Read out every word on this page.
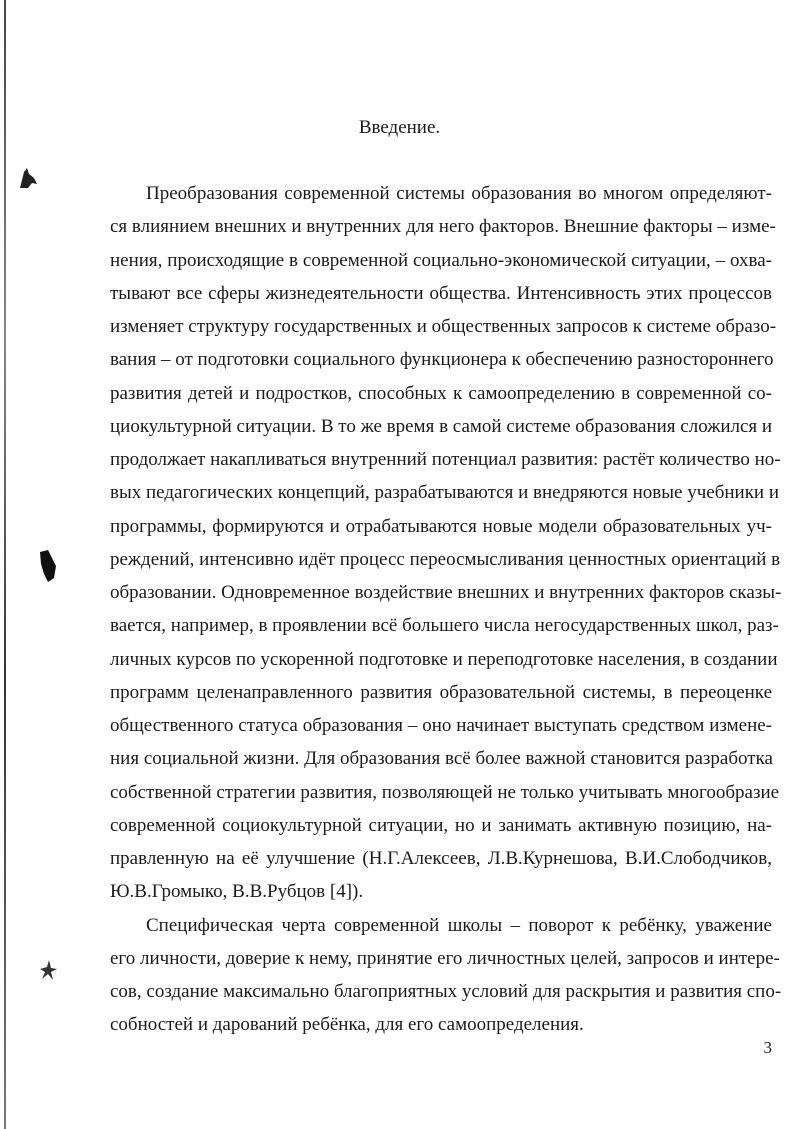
Введение.

Преобразования современной системы образования во многом определяют-
ся влиянием внешних и внутренних для него факторов. Внешние факторы – изме-
нения, происходящие в современной социально-экономической ситуации, – охва-
тывают все сферы жизнедеятельности общества. Интенсивность этих процессов
изменяет структуру государственных и общественных запросов к системе образо-
вания – от подготовки социального функционера к обеспечению разностороннего
развития детей и подростков, способных к самоопределению в современной со-
циокультурной ситуации. В то же время в самой системе образования сложился и
продолжает накапливаться внутренний потенциал развития: растёт количество но-
вых педагогических концепций, разрабатываются и внедряются новые учебники и
программы, формируются и отрабатываются новые модели образовательных уч-
реждений, интенсивно идёт процесс переосмысливания ценностных ориентаций в
образовании. Одновременное воздействие внешних и внутренних факторов сказы-
вается, например, в проявлении всё большего числа негосударственных школ, раз-
личных курсов по ускоренной подготовке и переподготовке населения, в создании
программ целенаправленного развития образовательной системы, в переоценке
общественного статуса образования – оно начинает выступать средством измене-
ния социальной жизни. Для образования всё более важной становится разработка
собственной стратегии развития, позволяющей не только учитывать многообразие
современной социокультурной ситуации, но и занимать активную позицию, на-
правленную на её улучшение (Н.Г.Алексеев, Л.В.Курнешова, В.И.Слободчиков,
Ю.В.Громыко, В.В.Рубцов [4]).

Специфическая черта современной школы – поворот к ребёнку, уважение
его личности, доверие к нему, принятие его личностных целей, запросов и интере-
сов, создание максимально благоприятных условий для раскрытия и развития спо-
собностей и дарований ребёнка, для его самоопределения.

3
